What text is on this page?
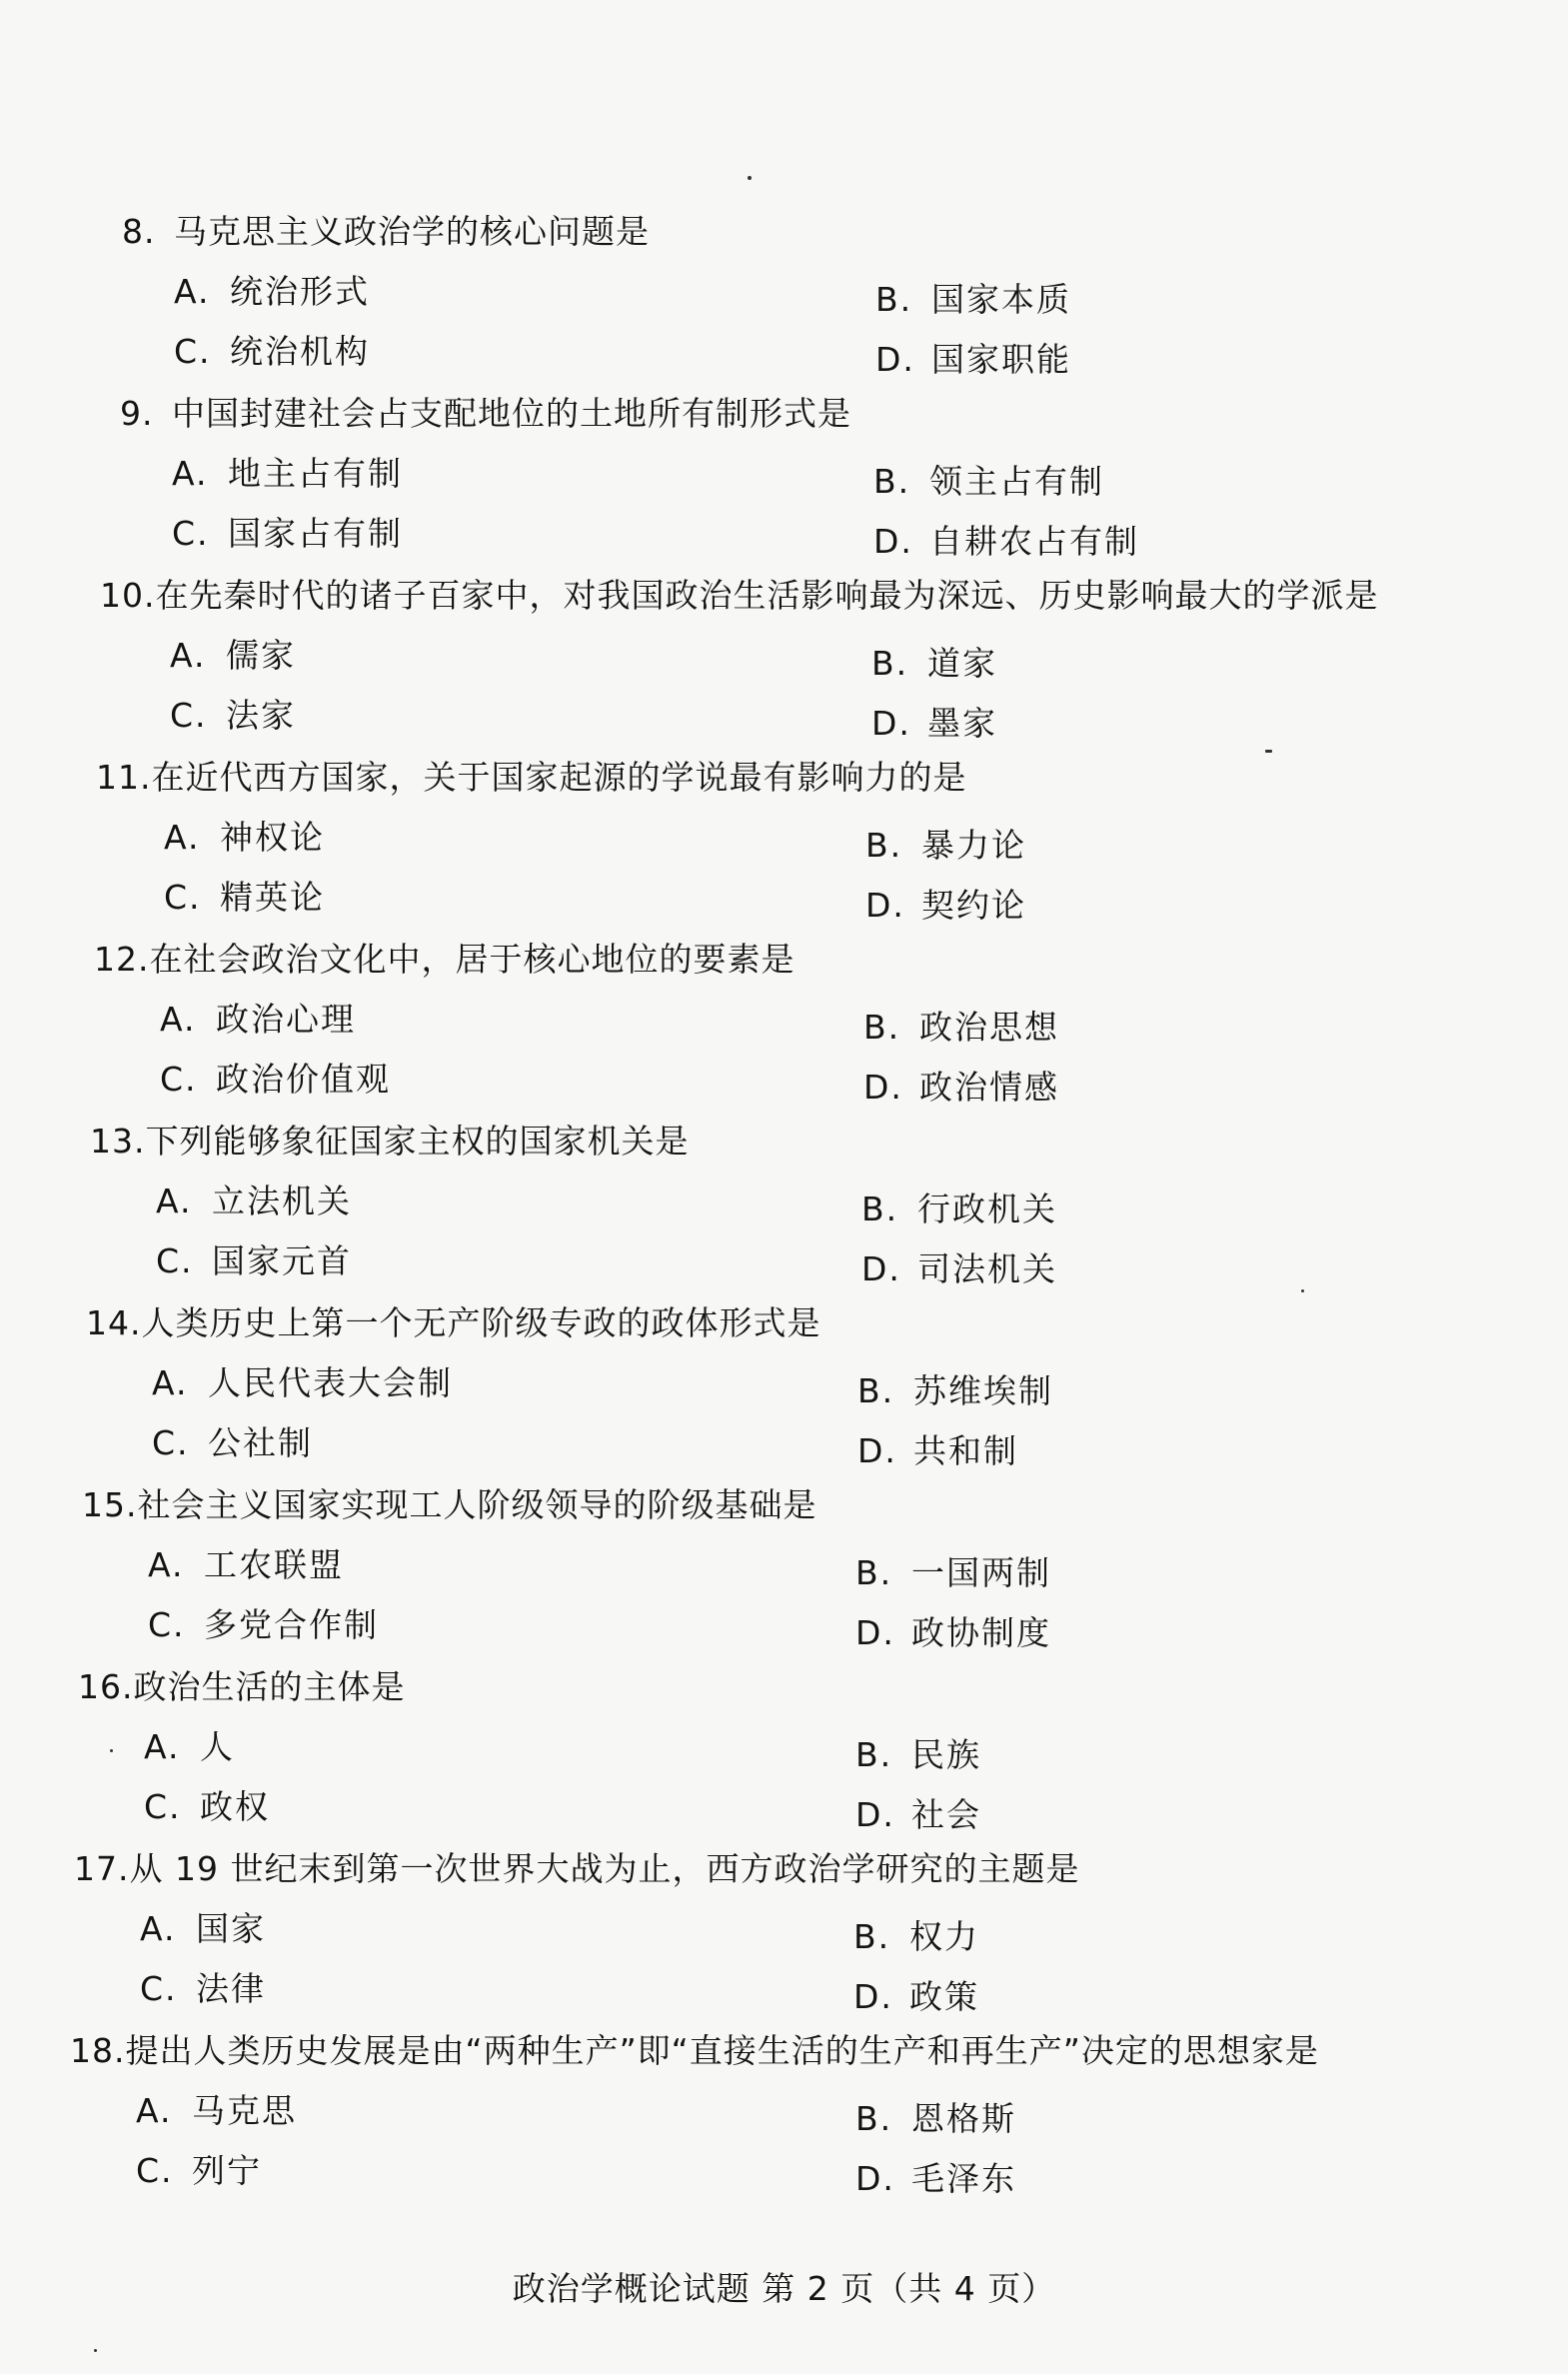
8. 马克思主义政治学的核心问题是
A. 统治形式	B. 国家本质
C. 统治机构	D. 国家职能
9. 中国封建社会占支配地位的土地所有制形式是
A. 地主占有制	B. 领主占有制
C. 国家占有制	D. 自耕农占有制
10.在先秦时代的诸子百家中，对我国政治生活影响最为深远、历史影响最大的学派是
A. 儒家	B. 道家
C. 法家	D. 墨家
11.在近代西方国家，关于国家起源的学说最有影响力的是
A. 神权论	B. 暴力论
C. 精英论	D. 契约论
12.在社会政治文化中，居于核心地位的要素是
A. 政治心理	B. 政治思想
C. 政治价值观	D. 政治情感
13.下列能够象征国家主权的国家机关是
A. 立法机关	B. 行政机关
C. 国家元首	D. 司法机关
14.人类历史上第一个无产阶级专政的政体形式是
A. 人民代表大会制	B. 苏维埃制
C. 公社制	D. 共和制
15.社会主义国家实现工人阶级领导的阶级基础是
A. 工农联盟	B. 一国两制
C. 多党合作制	D. 政协制度
16.政治生活的主体是
A. 人	B. 民族
C. 政权	D. 社会
17.从 19 世纪末到第一次世界大战为止，西方政治学研究的主题是
A. 国家	B. 权力
C. 法律	D. 政策
18.提出人类历史发展是由“两种生产”即“直接生活的生产和再生产”决定的思想家是
A. 马克思	B. 恩格斯
C. 列宁	D. 毛泽东
政治学概论试题 第 2 页（共 4 页）
